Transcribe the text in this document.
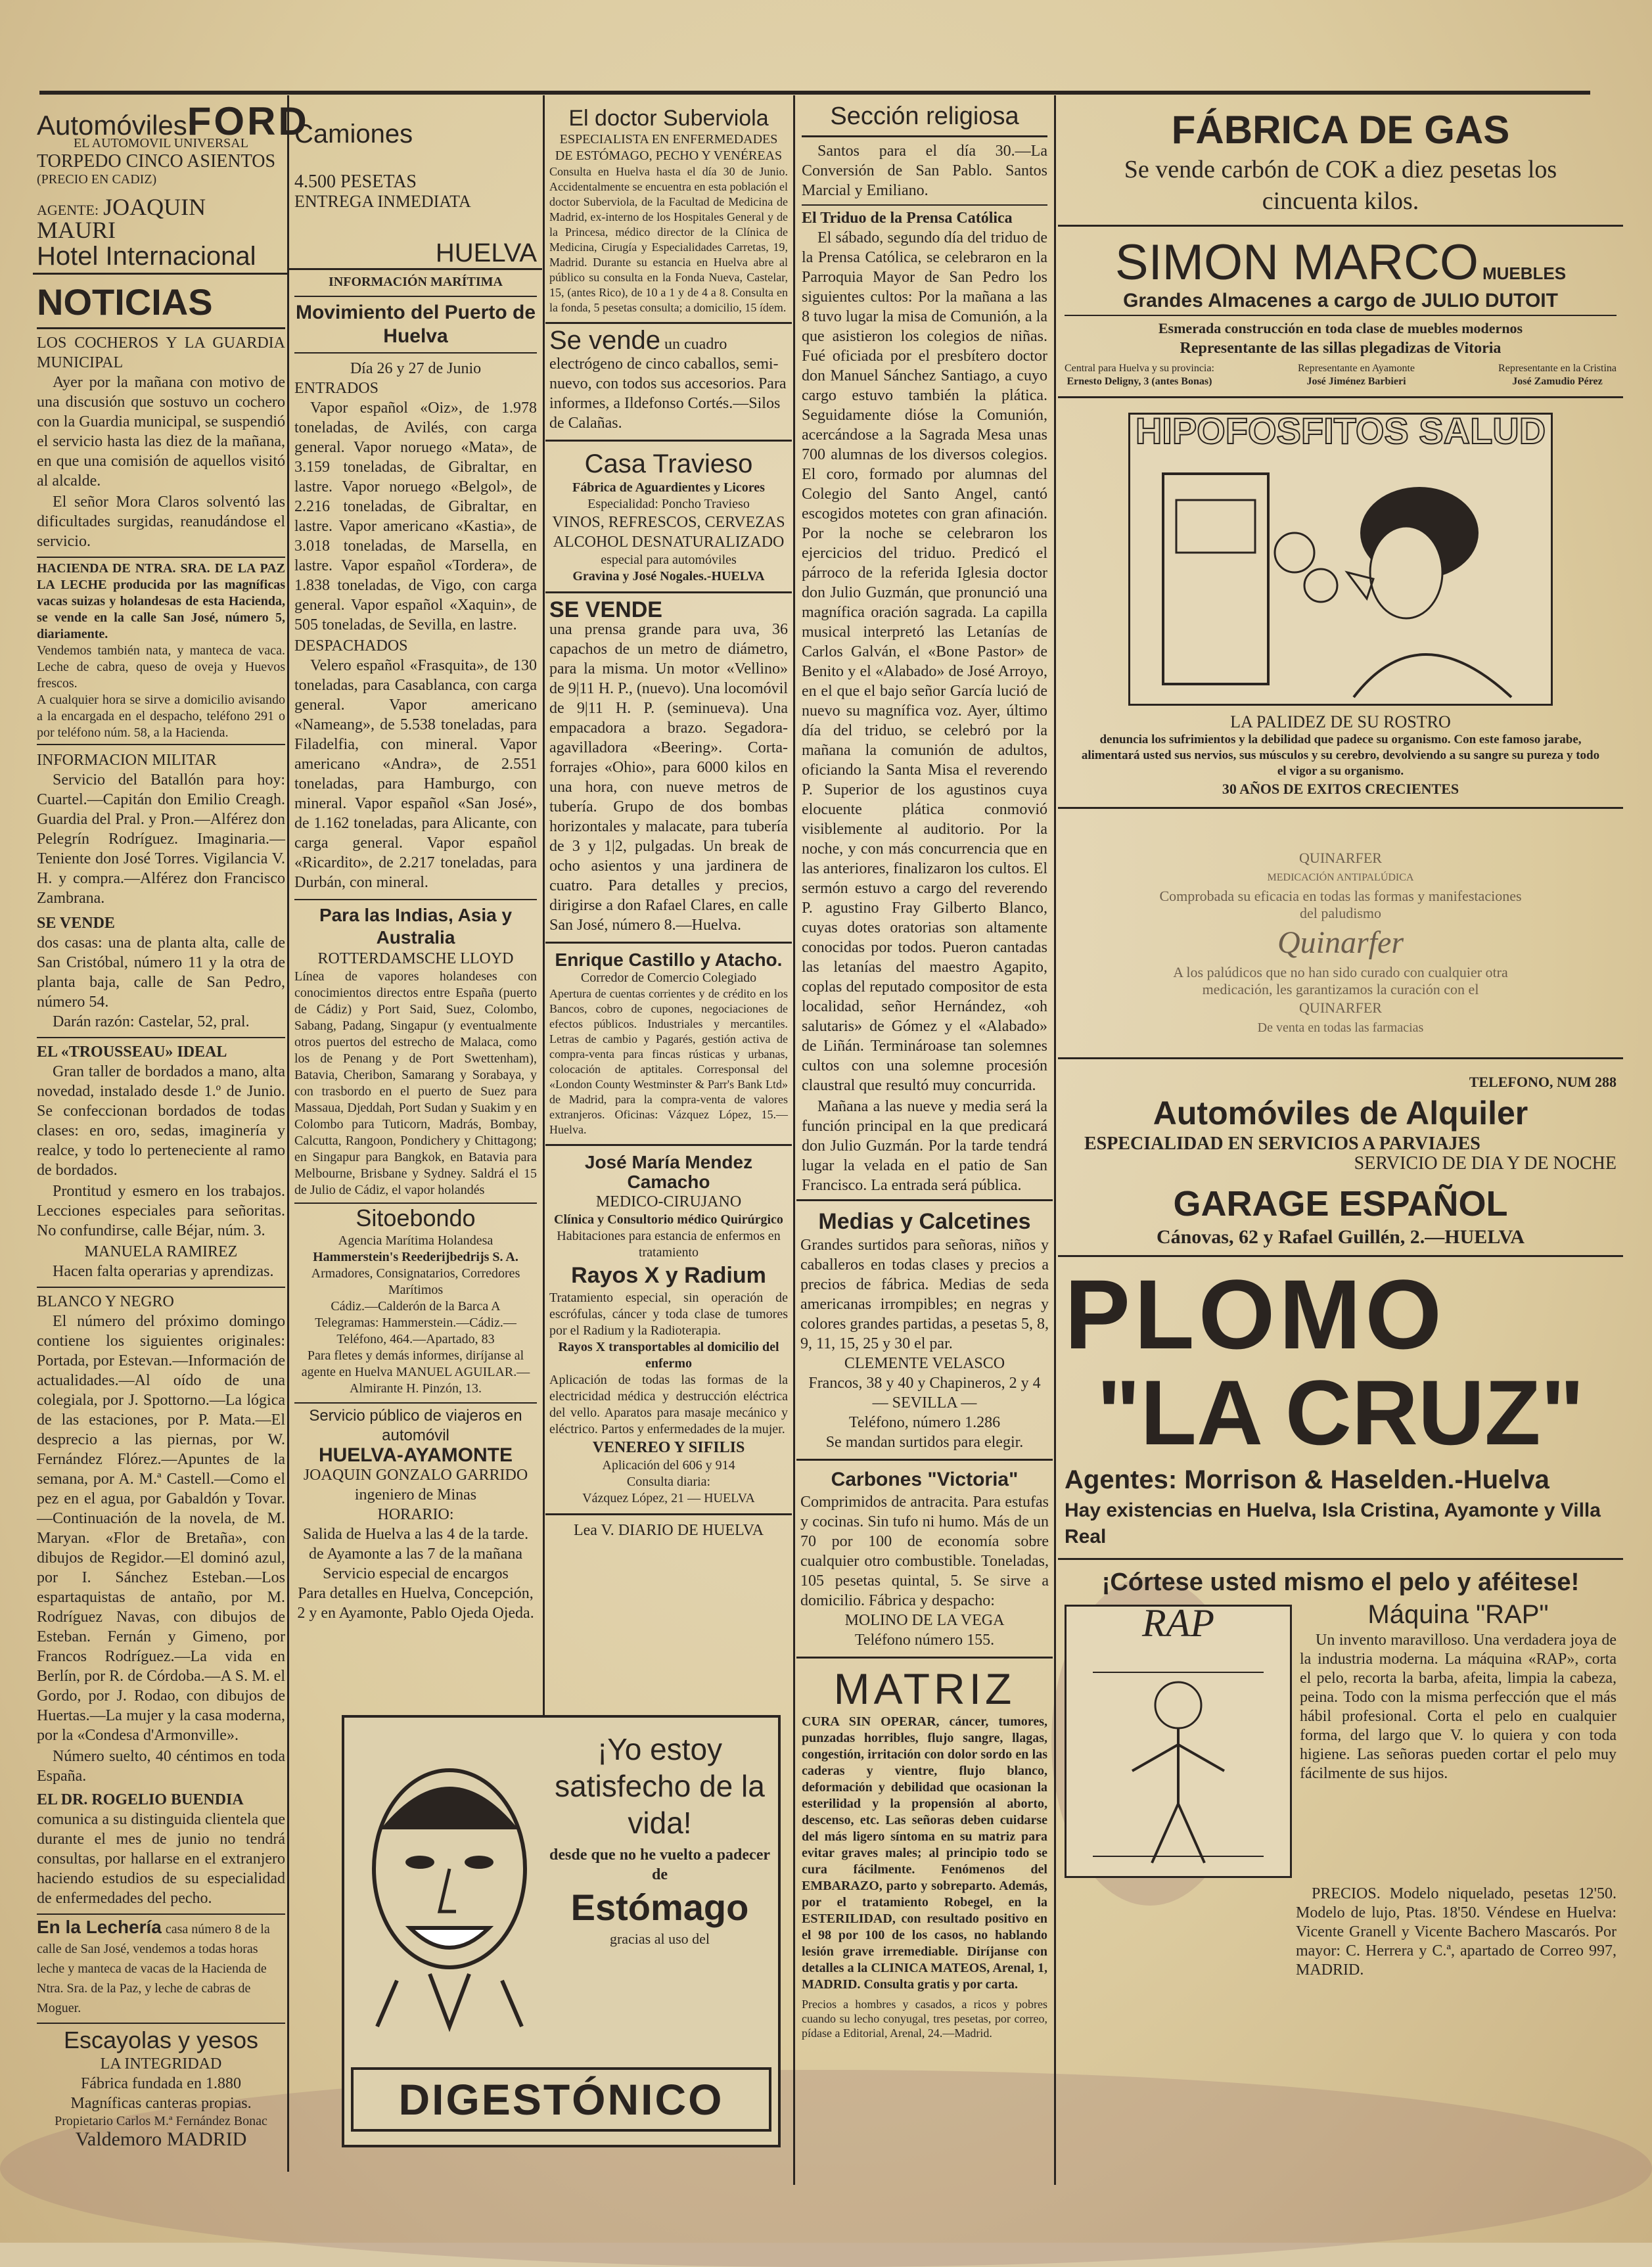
Automóviles FORD
EL AUTOMOVIL UNIVERSAL
TORPEDO CINCO ASIENTOS
(PRECIO EN CADIZ)
AGENTE: JOAQUIN MAURI
Hotel Internacional
NOTICIAS

LOS COCHEROS Y LA GUARDIA MUNICIPAL

Ayer por la mañana con motivo de una discusión que sostuvo un cochero con la Guardia municipal, se suspendió el servicio hasta las diez de la mañana, en que una comisión de aquellos visitó al alcalde.

El señor Mora Claros solventó las dificultades surgidas, reanudándose el servicio.

HACIENDA DE NTRA. SRA. DE LA PAZ LA LECHE producida por las magníficas vacas suizas y holandesas de esta Hacienda, se vende en la calle San José, número 5, diariamente.

Vendemos también nata, y manteca de vaca. Leche de cabra, queso de oveja y Huevos frescos.

A cualquier hora se sirve a domicilio avisando a la encargada en el despacho, teléfono 291 o por teléfono núm. 58, a la Hacienda.

INFORMACION MILITAR

Servicio del Batallón para hoy: Cuartel.—Capitán don Emilio Creagh. Guardia del Pral. y Pron.—Alférez don Pelegrín Rodríguez. Imaginaria.—Teniente don José Torres. Vigilancia V. H. y compra.—Alférez don Francisco Zambrana.

SE VENDE

dos casas: una de planta alta, calle de San Cristóbal, número 11 y la otra de planta baja, calle de San Pedro, número 54.

Darán razón: Castelar, 52, pral.

EL «TROUSSEAU» IDEAL

Gran taller de bordados a mano, alta novedad, instalado desde 1.º de Junio. Se confeccionan bordados de todas clases: en oro, sedas, imaginería y realce, y todo lo perteneciente al ramo de bordados.

Prontitud y esmero en los trabajos. Lecciones especiales para señoritas. No confundirse, calle Béjar, núm. 3.

MANUELA RAMIREZ

Hacen falta operarias y aprendizas.

BLANCO Y NEGRO

El número del próximo domingo contiene los siguientes originales: Portada, por Estevan.—Información de actualidades.—Al oído de una colegiala, por J. Spottorno.—La lógica de las estaciones, por P. Mata.—El desprecio a las piernas, por W. Fernández Flórez.—Apuntes de la semana, por A. M.ª Castell.—Como el pez en el agua, por Gabaldón y Tovar.—Continuación de la novela, de M. Maryan. «Flor de Bretaña», con dibujos de Regidor.—El dominó azul, por I. Sánchez Esteban.—Los espartaquistas de antaño, por M. Rodríguez Navas, con dibujos de Esteban. Fernán y Gimeno, por Francos Rodríguez.—La vida en Berlín, por R. de Córdoba.—A S. M. el Gordo, por J. Rodao, con dibujos de Huertas.—La mujer y la casa moderna, por la «Condesa d'Armonville».

Número suelto, 40 céntimos en toda España.

EL DR. ROGELIO BUENDIA

comunica a su distinguida clientela que durante el mes de junio no tendrá consultas, por hallarse en el extranjero haciendo estudios de su especialidad de enfermedades del pecho.

En la Lechería casa número 8 de la calle de San José, vendemos a todas horas leche y manteca de vacas de la Hacienda de Ntra. Sra. de la Paz, y leche de cabras de Moguer.
Escayolas y yesos
LA INTEGRIDAD
Fábrica fundada en 1.880
Magníficas canteras propias.
Propietario Carlos M.ª Fernández Bonac
Valdemoro MADRID
Camiones
4.500 PESETAS
ENTREGA INMEDIATA
HUELVA
INFORMACIÓN MARÍTIMA
Movimiento del Puerto de Huelva
Día 26 y 27 de Junio
ENTRADOS

Vapor español «Oiz», de 1.978 toneladas, de Avilés, con carga general. Vapor noruego «Mata», de 3.159 toneladas, de Gibraltar, en lastre. Vapor noruego «Belgol», de 2.216 toneladas, de Gibraltar, en lastre. Vapor americano «Kastia», de 3.018 toneladas, de Marsella, en lastre. Vapor español «Tordera», de 1.838 toneladas, de Vigo, con carga general. Vapor español «Xaquin», de 505 toneladas, de Sevilla, en lastre.

DESPACHADOS

Velero español «Frasquita», de 130 toneladas, para Casablanca, con carga general. Vapor americano «Nameang», de 5.538 toneladas, para Filadelfia, con mineral. Vapor americano «Andra», de 2.551 toneladas, para Hamburgo, con mineral. Vapor español «San José», de 1.162 toneladas, para Alicante, con carga general. Vapor español «Ricardito», de 2.217 toneladas, para Durbán, con mineral.

Para las Indias, Asia y Australia
ROTTERDAMSCHE LLOYD

Línea de vapores holandeses con conocimientos directos entre España (puerto de Cádiz) y Port Said, Suez, Colombo, Sabang, Padang, Singapur (y eventualmente otros puertos del estrecho de Malaca, como los de Penang y de Port Swettenham), Batavia, Cheribon, Samarang y Sorabaya, y con trasbordo en el puerto de Suez para Massaua, Djeddah, Port Sudan y Suakim y en Colombo para Tuticorn, Madrás, Bombay, Calcutta, Rangoon, Pondichery y Chittagong; en Singapur para Bangkok, en Batavia para Melbourne, Brisbane y Sydney. Saldrá el 15 de Julio de Cádiz, el vapor holandés

Sitoebondo
Agencia Marítima Holandesa
Hammerstein's Reederijbedrijs S. A.
Armadores, Consignatarios, Corredores Marítimos
Cádiz.—Calderón de la Barca A
Telegramas: Hammerstein.—Cádiz.—Teléfono, 464.—Apartado, 83
Para fletes y demás informes, diríjanse al agente en Huelva MANUEL AGUILAR.—Almirante H. Pinzón, 13.
Servicio público de viajeros en automóvil
HUELVA-AYAMONTE
JOAQUIN GONZALO GARRIDO
ingeniero de Minas
HORARIO:
Salida de Huelva a las 4 de la tarde. de Ayamonte a las 7 de la mañana Servicio especial de encargos
Para detalles en Huelva, Concepción, 2 y en Ayamonte, Pablo Ojeda Ojeda.
El doctor Suberviola
ESPECIALISTA EN ENFERMEDADES DE ESTÓMAGO, PECHO Y VENÉREAS

Consulta en Huelva hasta el día 30 de Junio. Accidentalmente se encuentra en esta población el doctor Suberviola, de la Facultad de Medicina de Madrid, ex-interno de los Hospitales General y de la Princesa, médico director de la Clínica de Medicina, Cirugía y Especialidades Carretas, 19, Madrid. Durante su estancia en Huelva abre al público su consulta en la Fonda Nueva, Castelar, 15, (antes Rico), de 10 a 1 y de 4 a 8. Consulta en la fonda, 5 pesetas consulta; a domicilio, 15 ídem.

Se vende un cuadro electrógeno de cinco caballos, semi-nuevo, con todos sus accesorios. Para informes, a Ildefonso Cortés.—Silos de Calañas.
Casa Travieso
Fábrica de Aguardientes y Licores
Especialidad: Poncho Travieso
VINOS, REFRESCOS, CERVEZAS ALCOHOL DESNATURALIZADO
especial para automóviles
Gravina y José Nogales.-HUELVA
SE VENDE

una prensa grande para uva, 36 capachos de un metro de diámetro, para la misma. Un motor «Vellino» de 9|11 H. P., (nuevo). Una locomóvil de 9|11 H. P. (seminueva). Una empacadora a brazo. Segadora-agavilladora «Beering». Corta-forrajes «Ohio», para 6000 kilos en una hora, con nueve metros de tubería. Grupo de dos bombas horizontales y malacate, para tubería de 3 y 1|2, pulgadas. Un break de ocho asientos y una jardinera de cuatro. Para detalles y precios, dirigirse a don Rafael Clares, en calle San José, número 8.—Huelva.

Enrique Castillo y Atacho.
Corredor de Comercio Colegiado

Apertura de cuentas corrientes y de crédito en los Bancos, cobro de cupones, negociaciones de efectos públicos. Industriales y mercantiles. Letras de cambio y Pagarés, gestión activa de compra-venta para fincas rústicas y urbanas, colocación de aptitales. Corresponsal del «London County Westminster & Parr's Bank Ltd» de Madrid, para la compra-venta de valores extranjeros. Oficinas: Vázquez López, 15.—Huelva.

José María Mendez Camacho
MEDICO-CIRUJANO
Clínica y Consultorio médico Quirúrgico
Habitaciones para estancia de enfermos en tratamiento
Rayos X y Radium

Tratamiento especial, sin operación de escrófulas, cáncer y toda clase de tumores por el Radium y la Radioterapia.

Rayos X transportables al domicilio del enfermo

Aplicación de todas las formas de la electricidad médica y destrucción eléctrica del vello. Aparatos para masaje mecánico y eléctrico. Partos y enfermedades de la mujer.

VENEREO Y SIFILIS
Aplicación del 606 y 914
Consulta diaria:
Vázquez López, 21 — HUELVA
Lea V. DIARIO DE HUELVA
¡Yo estoy satisfecho de la vida!
desde que no he vuelto a padecer de
Estómago
gracias al uso del
DIGESTÓNICO
Sección religiosa

Santos para el día 30.—La Conversión de San Pablo. Santos Marcial y Emiliano.

El Triduo de la Prensa Católica

El sábado, segundo día del triduo de la Prensa Católica, se celebraron en la Parroquia Mayor de San Pedro los siguientes cultos: Por la mañana a las 8 tuvo lugar la misa de Comunión, a la que asistieron los colegios de niñas. Fué oficiada por el presbítero doctor don Manuel Sánchez Santiago, a cuyo cargo estuvo también la plática. Seguidamente dióse la Comunión, acercándose a la Sagrada Mesa unas 700 alumnas de los diversos colegios. El coro, formado por alumnas del Colegio del Santo Angel, cantó escogidos motetes con gran afinación. Por la noche se celebraron los ejercicios del triduo. Predicó el párroco de la referida Iglesia doctor don Julio Guzmán, que pronunció una magnífica oración sagrada. La capilla musical interpretó las Letanías de Carlos Galván, el «Bone Pastor» de Benito y el «Alabado» de José Arroyo, en el que el bajo señor García lució de nuevo su magnífica voz. Ayer, último día del triduo, se celebró por la mañana la comunión de adultos, oficiando la Santa Misa el reverendo P. Superior de los agustinos cuya elocuente plática conmovió visiblemente al auditorio. Por la noche, y con más concurrencia que en las anteriores, finalizaron los cultos. El sermón estuvo a cargo del reverendo P. agustino Fray Gilberto Blanco, cuyas dotes oratorias son altamente conocidas por todos. Pueron cantadas las letanías del maestro Agapito, coplas del reputado compositor de esta localidad, señor Hernández, «oh salutaris» de Gómez y el «Alabado» de Liñán. Terminároase tan solemnes cultos con una solemne procesión claustral que resultó muy concurrida.

Mañana a las nueve y media será la función principal en la que predicará don Julio Guzmán. Por la tarde tendrá lugar la velada en el patio de San Francisco. La entrada será pública.

Medias y Calcetines

Grandes surtidos para señoras, niños y caballeros en todas clases y precios a precios de fábrica. Medias de seda americanas irrompibles; en negras y colores grandes partidas, a pesetas 5, 8, 9, 11, 15, 25 y 30 el par.

CLEMENTE VELASCO
Francos, 38 y 40 y Chapineros, 2 y 4
— SEVILLA —
Teléfono, número 1.286
Se mandan surtidos para elegir.
Carbones "Victoria"

Comprimidos de antracita. Para estufas y cocinas. Sin tufo ni humo. Más de un 70 por 100 de economía sobre cualquier otro combustible. Toneladas, 105 pesetas quintal, 5. Se sirve a domicilio. Fábrica y despacho:

MOLINO DE LA VEGA
Teléfono número 155.
MATRIZ

CURA SIN OPERAR, cáncer, tumores, punzadas horribles, flujo sangre, llagas, congestión, irritación con dolor sordo en las caderas y vientre, flujo blanco, deformación y debilidad que ocasionan la esterilidad y la propensión al aborto, descenso, etc. Las señoras deben cuidarse del más ligero síntoma en su matriz para evitar graves males; al principio todo se cura fácilmente. Fenómenos del EMBARAZO, parto y sobreparto. Además, por el tratamiento Robegel, en la ESTERILIDAD, con resultado positivo en el 98 por 100 de los casos, no hablando lesión grave irremediable. Diríjanse con detalles a la CLINICA MATEOS, Arenal, 1, MADRID. Consulta gratis y por carta.

Precios a hombres y casados, a ricos y pobres cuando su lecho conyugal, tres pesetas, por correo, pídase a Editorial, Arenal, 24.—Madrid.

FÁBRICA DE GAS
Se vende carbón de COK a diez pesetas los cincuenta kilos.
SIMON MARCO MUEBLES
Grandes Almacenes a cargo de JULIO DUTOIT
Esmerada construcción en toda clase de muebles modernos
Representante de las sillas plegadizas de Vitoria
Central para Huelva y su provincia:
Ernesto Deligny, 3 (antes Bonas)
Representante en Ayamonte
José Jiménez Barbieri
Representante en la Cristina
José Zamudio Pérez
HIPOFOSFITOS SALUD
LA PALIDEZ DE SU ROSTRO
denuncia los sufrimientos y la debilidad que padece su organismo. Con este famoso jarabe, alimentará usted sus nervios, sus músculos y su cerebro, devolviendo a su sangre su pureza y todo el vigor a su organismo.
30 AÑOS DE EXITOS CRECIENTES
QUINARFER
MEDICACIÓN ANTIPALÚDICA
Comprobada su eficacia en todas las formas y manifestaciones del paludismo
Quinarfer
A los palúdicos que no han sido curado con cualquier otra medicación, les garantizamos la curación con el
QUINARFER
De venta en todas las farmacias
TELEFONO, NUM 288
Automóviles de Alquiler
ESPECIALIDAD EN SERVICIOS A PARVIAJES
SERVICIO DE DIA Y DE NOCHE
GARAGE ESPAÑOL
Cánovas, 62 y Rafael Guillén, 2.—HUELVA
PLOMO
"LA CRUZ"
Agentes: Morrison & Haselden.-Huelva
Hay existencias en Huelva, Isla Cristina, Ayamonte y Villa Real
¡Córtese usted mismo el pelo y aféitese!
RAP	Máquina "RAP"

Un invento maravilloso. Una verdadera joya de la industria moderna. La máquina «RAP», corta el pelo, recorta la barba, afeita, limpia la cabeza, peina. Todo con la misma perfección que el más hábil profesional. Corta el pelo en cualquier forma, del largo que V. lo quiera y con toda higiene. Las señoras pueden cortar el pelo muy fácilmente de sus hijos.

PRECIOS. Modelo niquelado, pesetas 12'50. Modelo de lujo, Ptas. 18'50. Véndese en Huelva: Vicente Granell y Vicente Bachero Mascarós. Por mayor: C. Herrera y C.ª, apartado de Correo 997, MADRID.
